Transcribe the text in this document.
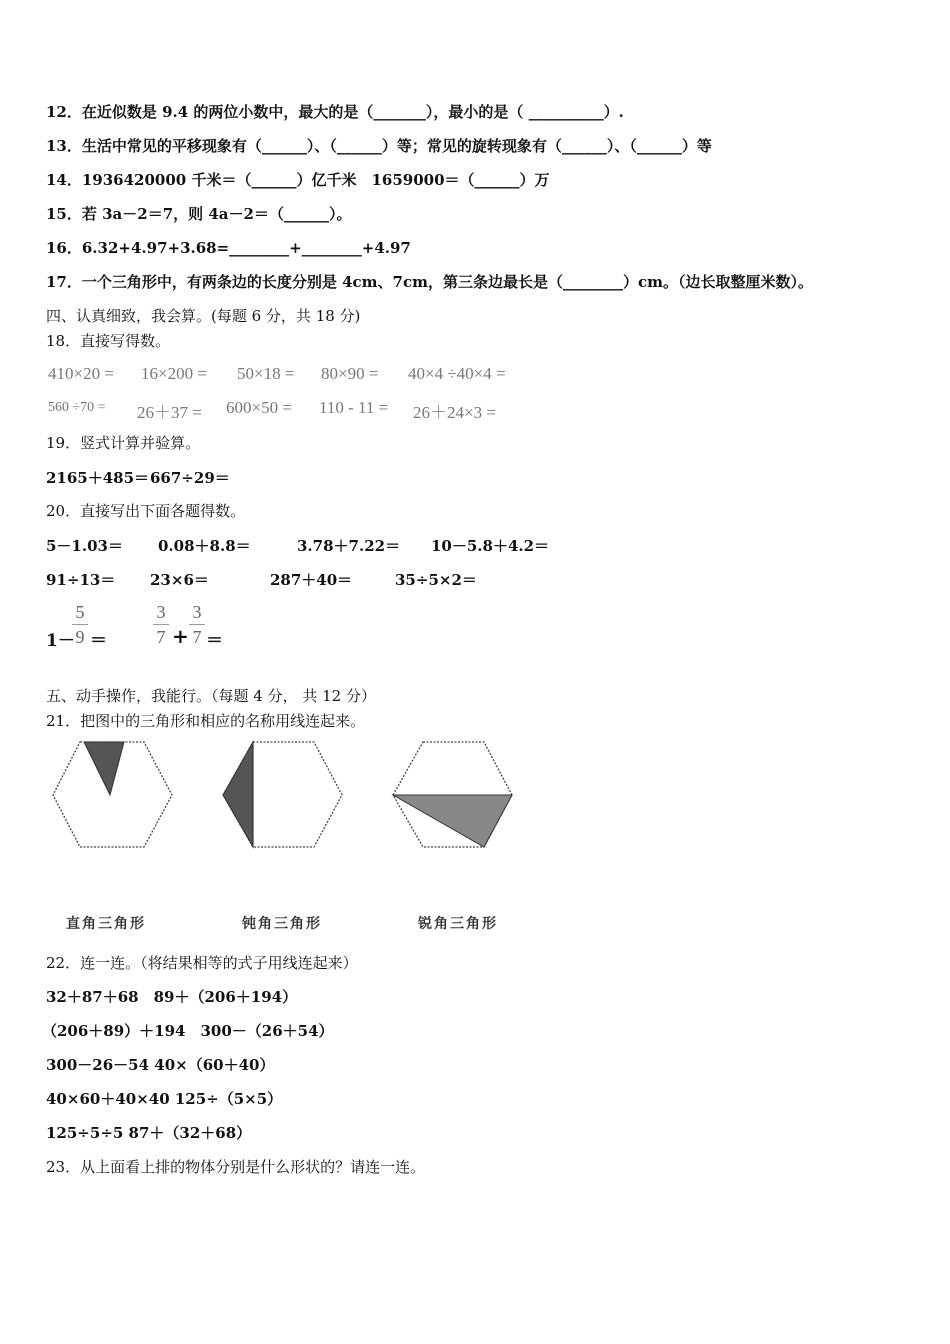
12．在近似数是 9.4 的两位小数中，最大的是（_______），最小的是（ __________）.
13．生活中常见的平移现象有（______）、（______）等；常见的旋转现象有（______）、（______）等
14．1936420000 千米＝（______）亿千米　1659000＝（______）万
15．若 3a－2＝7，则 4a－2＝（______）。
16．6.32+4.97+3.68=________+________+4.97
17．一个三角形中，有两条边的长度分别是 4cm、7cm，第三条边最长是（________）cm。（边长取整厘米数）。
四、认真细致，我会算。(每题 6 分，共 18 分)
18．直接写得数。
410×20 = 16×200 = 50×18 = 80×90 = 40×4 ÷40×4 =
560 ÷70 = 26＋37 = 600×50 = 110 - 11 = 26＋24×3 =
19．竖式计算并验算。
2165＋485＝ 667÷29＝
20．直接写出下面各题得数。
5－1.03＝ 0.08＋8.8＝	3.78＋7.22＝ 10－5.8＋4.2＝
91÷13＝ 23×6＝	287＋40＝	35÷5×2＝
1－
5
9 ＝
3
7 +
3
7 ＝
五、动手操作，我能行。（每题 4 分， 共 12 分）
21．把图中的三角形和相应的名称用线连起来。
直角三角形	钝角三角形	锐角三角形
22．连一连。（将结果相等的式子用线连起来）
32＋87＋68　89＋（206＋194）
（206＋89）＋194　300－（26＋54）
300－26－54 40×（60＋40）
40×60＋40×40 125÷（5×5）
125÷5÷5 87＋（32＋68）
23．从上面看上排的物体分别是什么形状的？请连一连。
